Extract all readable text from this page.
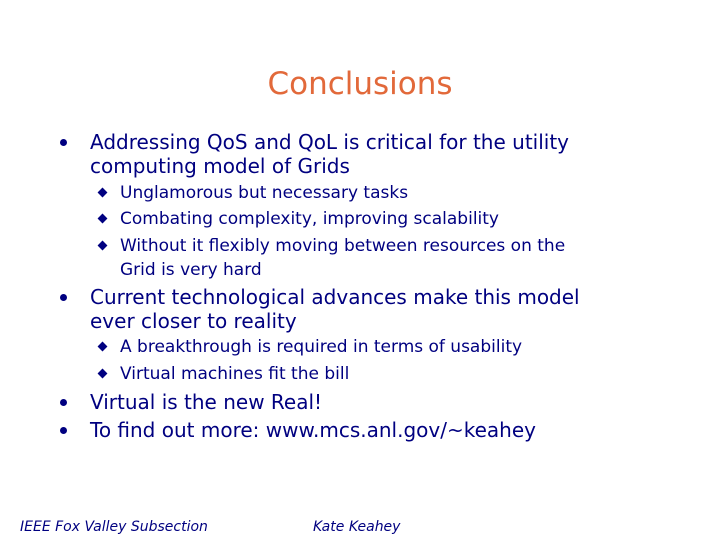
Conclusions
Addressing QoS and QoL is critical for the utility
computing model of Grids
Unglamorous but necessary tasks
Combating complexity, improving scalability
Without it flexibly moving between resources on the
Grid is very hard
Current technological advances make this model
ever closer to reality
A breakthrough is required in terms of usability
Virtual machines fit the bill
Virtual is the new Real!
To find out more: www.mcs.anl.gov/~keahey
IEEE Fox Valley Subsection	Kate Keahey
